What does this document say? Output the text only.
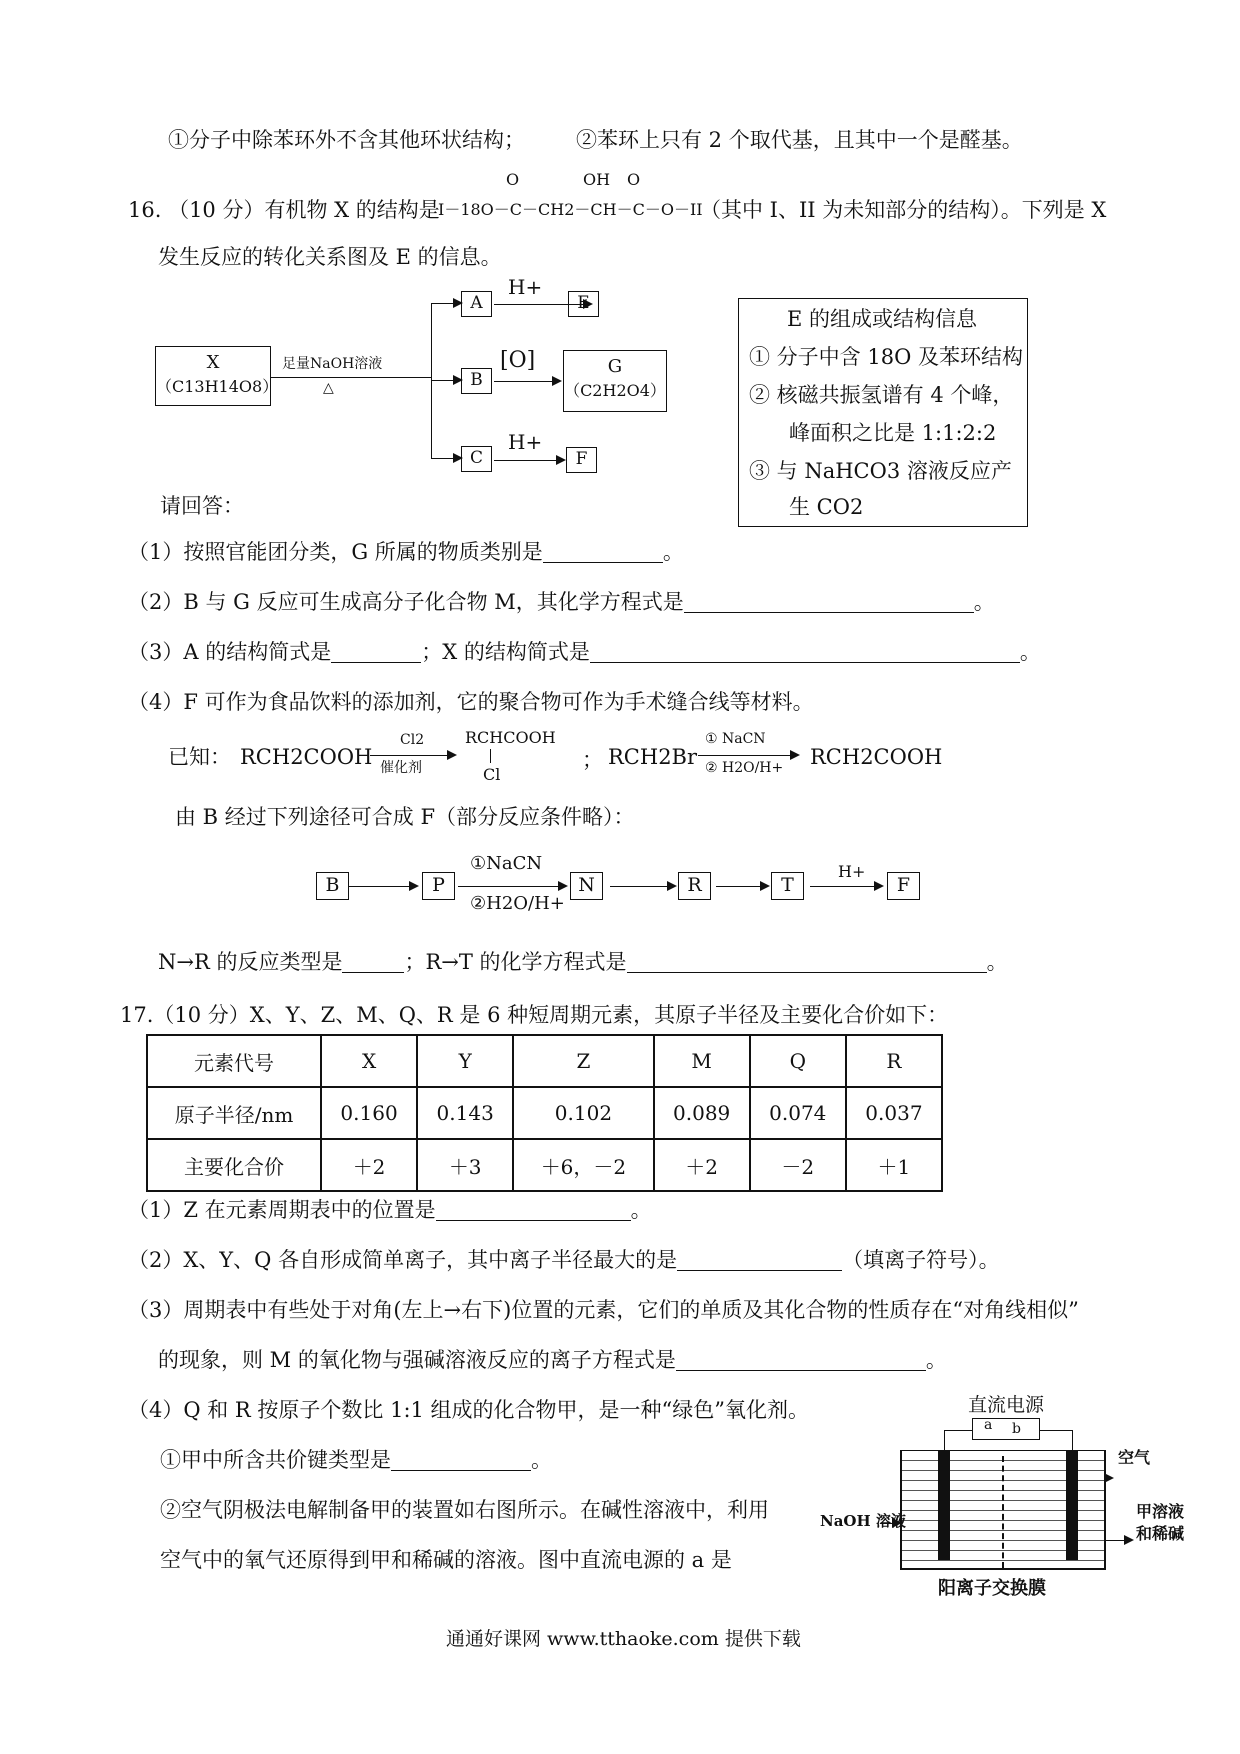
①分子中除苯环外不含其他环状结构； ②苯环上只有 2 个取代基，且其中一个是醛基。
16. （10 分）有机物 X 的结构是
I－18O－C－CH2－CH－C－O－II
O	OH O
（其中 I、II 为未知部分的结构）。下列是 X
发生反应的转化关系图及 E 的信息。
X
（C13H14O8）
足量NaOH溶液
△
A
B
C
H+
E
[O]	G
（C2H2O4）
H+
F
E 的组成或结构信息
① 分子中含 18O 及苯环结构
② 核磁共振氢谱有 4 个峰，
峰面积之比是 1:1:2:2
③ 与 NaHCO3 溶液反应产
生 CO2
请回答：
（1）按照官能团分类，G 所属的物质类别是	。
（2）B 与 G 反应可生成高分子化合物 M，其化学方程式是	。
（3）A 的结构简式是	；X 的结构简式是	。
（4）F 可作为食品饮料的添加剂，它的聚合物可作为手术缝合线等材料。
已知： RCH2COOH
Cl2
催化剂
RCHCOOH
Cl
； RCH2Br
① NaCN
② H2O/H+ RCH2COOH
由 B 经过下列途径可合成 F（部分反应条件略）：
B	P
①NaCN
②H2O/H+
N	R	T
H+
F
N→R 的反应类型是	；R→T 的化学方程式是	。
17.（10 分）X、Y、Z、M、Q、R 是 6 种短周期元素，其原子半径及主要化合价如下：
元素代号	X	Y	Z	M	Q	R
原子半径/nm	0.160	0.143	0.102	0.089	0.074	0.037
主要化合价	＋2	＋3	＋6，－2	＋2	－2	＋1
（1）Z 在元素周期表中的位置是	。
（2）X、Y、Q 各自形成简单离子，其中离子半径最大的是	（填离子符号）。
（3）周期表中有些处于对角(左上→右下)位置的元素，它们的单质及其化合物的性质存在“对角线相似”
的现象，则 M 的氧化物与强碱溶液反应的离子方程式是	。
（4）Q 和 R 按原子个数比 1:1 组成的化合物甲，是一种“绿色”氧化剂。
①甲中所含共价键类型是	。
②空气阴极法电解制备甲的装置如右图所示。在碱性溶液中，利用
空气中的氧气还原得到甲和稀碱的溶液。图中直流电源的 a 是
直流电源
a b
空气
NaOH 溶液	甲溶液
和稀碱
阳离子交换膜
通通好课网 www.tthaoke.com 提供下载
